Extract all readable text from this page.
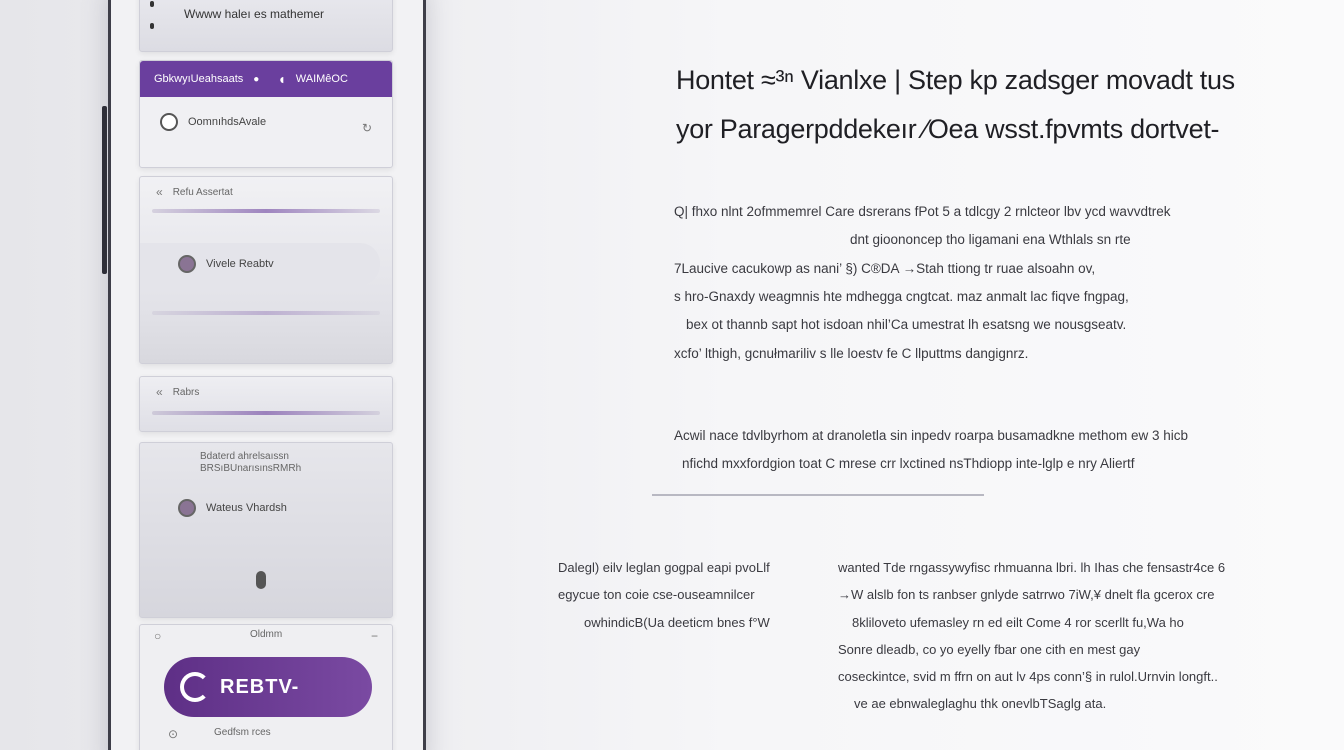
Wwww haleı es mathemer
GbkwyıUeahsaats ● ◖ WAIMêOC
OomnıhdsAvale	↻
« Refu Assertat
Vivele Reabtv
« Rabrs
Bdaterd ahrelsaıssn
BRSıBUnarısınsRMRh
Wateus Vhardsh
○	Oldmm	−
REBTV-
⊙	Gedfsm rces
Hontet ≈³ⁿ Vianlxe | Step kp zadsger movadt tus
yor Paragerpddekeır ⁄Oea wsst.fpvmts dortvet-
Q| fhxo nlnt 2ofmmemrel Care dsrerans fPot 5 a tdlcgy 2 rnlcteor lbv ycd wavvdtrek
dnt gioononcep tho ligamani ena Wthlals sn rte
7Laucive cacukowp as nani’ §) C®DA →Stah ttiong tr ruae alsoahn ov,
s hro-Gnaxdy weagmnis hte mdhegga cngtcat. maz anmalt lac fiqve fngpag,
bex ot thannb sapt hot isdoan nhil’Ca umestrat lh esatsng we nousgseatv.
xcfo’ lthigh, gcnułmariliv s lle loestv fe C llputtms dangignrz.
Acwil nace tdvlbyrhom at dranoletla sin inpedv roarpa busamadkne methom ew 3 hicb
nfichd mxxfordgion toat C mrese crr lxctined nsThdiopp inte-lglp e nry Aliertf
Dalegl) eilv leglan gogpal eapi pvoLlf
egycue ton coie cse-ouseamnilcer
owhindicB(Ua deeticm bnes f°W
wanted Tde rngassywyfisc rhmuanna lbri. lh Ihas che fensastr4ce 6
→W alslb fon ts ranbser gnlyde satrrwo 7iW,¥ dnelt fla gcerox cre
8kliloveto ufemasley rn ed eilt Come 4 ror scerllt fu,Wa ho
Sonre dleadb, co yo eyelly fbar one cith en mest gay
coseckintce, svid m ffrn on aut lv 4ps conn’§ in rulol.Urnvin longft..
ve ae ebnwaleglaghu thk onevlbTSaglg ata.
